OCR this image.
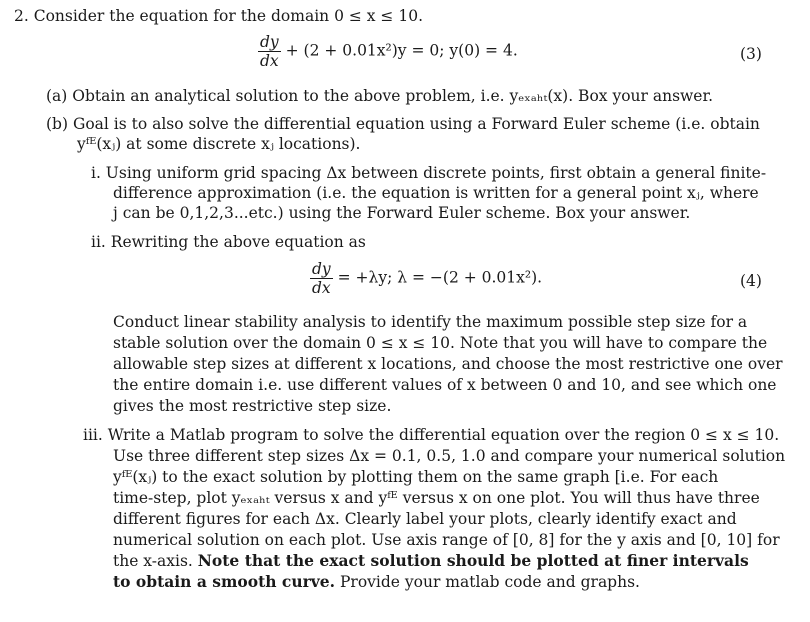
2. Consider the equation for the domain 0 ≤ x ≤ 10.
$\frac{dy}{dx} + (2 + 0.01x^2)y = 0$; y(0) = 4.	(3)
(a) Obtain an analytical solution to the above problem, i.e. yₑₓₐₕₜ(x). Box your answer.
(b) Goal is to also solve the differential equation using a Forward Euler scheme (i.e. obtain
yᶠᴱ(xⱼ) at some discrete xⱼ locations).
i. Using uniform grid spacing Δx between discrete points, first obtain a general finite-
difference approximation (i.e. the equation is written for a general point xⱼ, where
j can be 0,1,2,3...etc.) using the Forward Euler scheme. Box your answer.
ii. Rewriting the above equation as
$\frac{dy}{dx} = +\lambda y$; λ = −(2 + 0.01x²).	(4)
Conduct linear stability analysis to identify the maximum possible step size for a
stable solution over the domain 0 ≤ x ≤ 10. Note that you will have to compare the
allowable step sizes at different x locations, and choose the most restrictive one over
the entire domain i.e. use different values of x between 0 and 10, and see which one
gives the most restrictive step size.
iii. Write a Matlab program to solve the differential equation over the region 0 ≤ x ≤ 10.
Use three different step sizes Δx = 0.1, 0.5, 1.0 and compare your numerical solution
yᶠᴱ(xⱼ) to the exact solution by plotting them on the same graph [i.e. For each
time-step, plot yₑₓₐₕₜ versus x and yᶠᴱ versus x on one plot. You will thus have three
different figures for each Δx. Clearly label your plots, clearly identify exact and
numerical solution on each plot. Use axis range of [0, 8] for the y axis and [0, 10] for
the x-axis. Note that the exact solution should be plotted at finer intervals
to obtain a smooth curve. Provide your matlab code and graphs.
